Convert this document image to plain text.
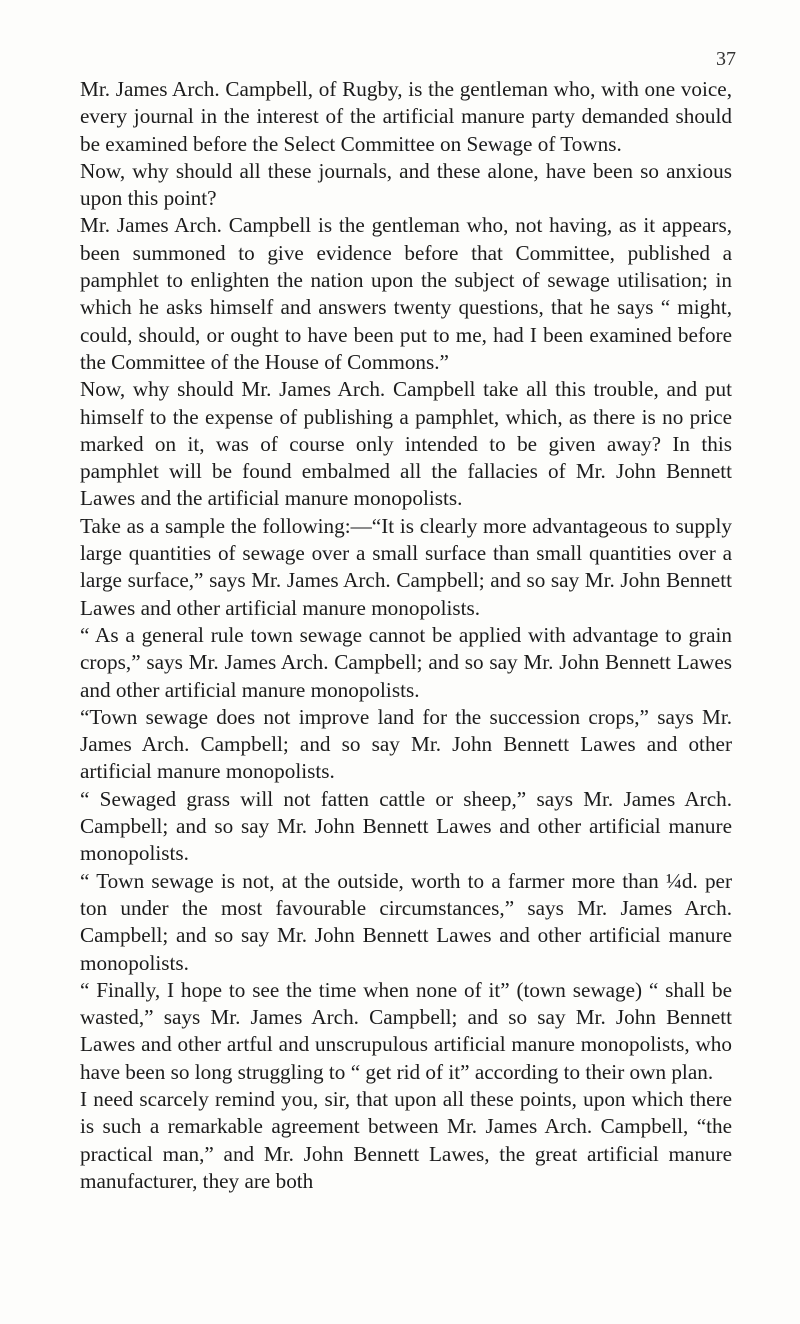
37

Mr. James Arch. Campbell, of Rugby, is the gentleman who, with one voice, every journal in the interest of the artificial manure party demanded should be examined before the Select Committee on Sewage of Towns.

Now, why should all these journals, and these alone, have been so anxious upon this point?

Mr. James Arch. Campbell is the gentleman who, not having, as it appears, been summoned to give evidence before that Committee, published a pamphlet to enlighten the nation upon the subject of sewage utilisation; in which he asks himself and answers twenty questions, that he says “ might, could, should, or ought to have been put to me, had I been examined before the Committee of the House of Commons.”

Now, why should Mr. James Arch. Campbell take all this trouble, and put himself to the expense of publishing a pamphlet, which, as there is no price marked on it, was of course only intended to be given away? In this pamphlet will be found embalmed all the fallacies of Mr. John Bennett Lawes and the artificial manure monopolists.

Take as a sample the following:—“It is clearly more advantageous to supply large quantities of sewage over a small surface than small quantities over a large surface,” says Mr. James Arch. Campbell; and so say Mr. John Bennett Lawes and other artificial manure monopolists.

“ As a general rule town sewage cannot be applied with advantage to grain crops,” says Mr. James Arch. Campbell; and so say Mr. John Bennett Lawes and other artificial manure monopolists.

“Town sewage does not improve land for the succession crops,” says Mr. James Arch. Campbell; and so say Mr. John Bennett Lawes and other artificial manure monopolists.

“ Sewaged grass will not fatten cattle or sheep,” says Mr. James Arch. Campbell; and so say Mr. John Bennett Lawes and other artificial manure monopolists.

“ Town sewage is not, at the outside, worth to a farmer more than ¼d. per ton under the most favourable circumstances,” says Mr. James Arch. Campbell; and so say Mr. John Bennett Lawes and other artificial manure monopolists.

“ Finally, I hope to see the time when none of it” (town sewage) “ shall be wasted,” says Mr. James Arch. Campbell; and so say Mr. John Bennett Lawes and other artful and unscrupulous artificial manure monopolists, who have been so long struggling to “ get rid of it” according to their own plan.

I need scarcely remind you, sir, that upon all these points, upon which there is such a remarkable agreement between Mr. James Arch. Campbell, “the practical man,” and Mr. John Bennett Lawes, the great artificial manure manufacturer, they are both
